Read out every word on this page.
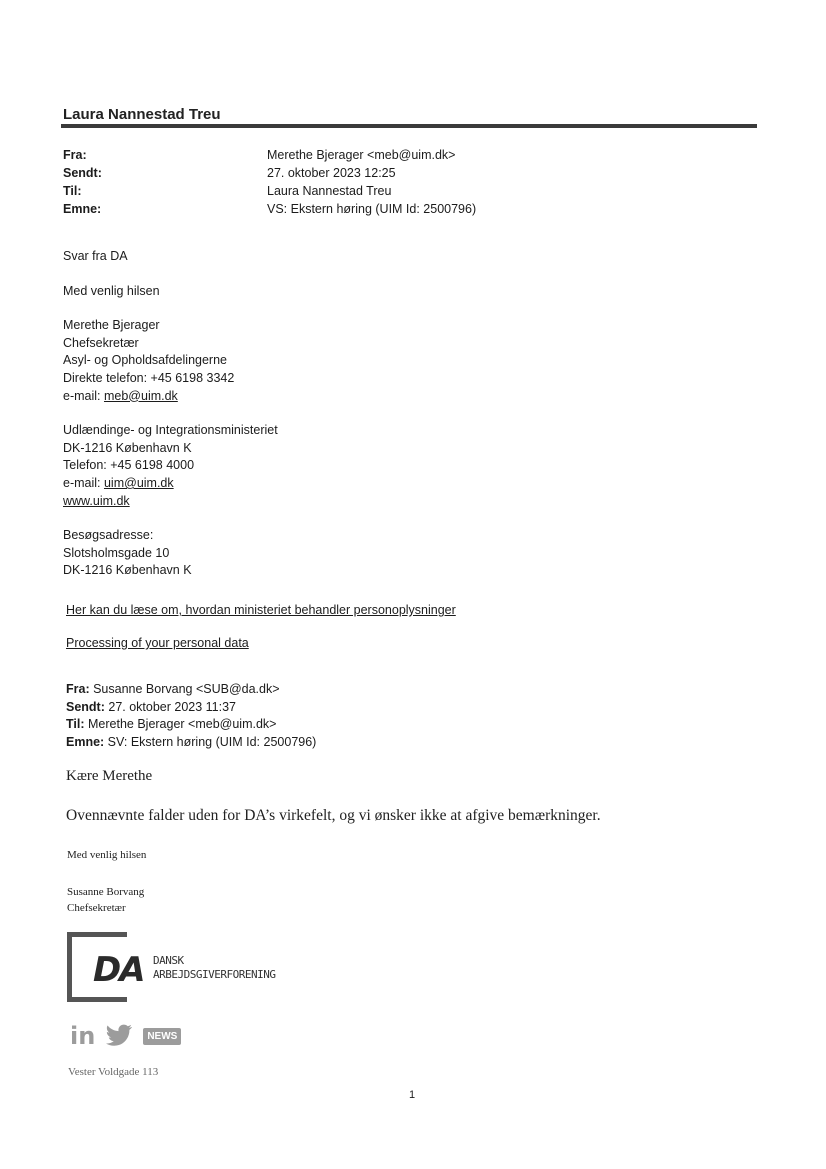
Laura Nannestad Treu
Fra:	Merethe Bjerager <meb@uim.dk>
Sendt:	27. oktober 2023 12:25
Til:	Laura Nannestad Treu
Emne:	VS: Ekstern høring (UIM Id: 2500796)

Svar fra DA

Med venlig hilsen

Merethe Bjerager
Chefsekretær
Asyl- og Opholdsafdelingerne
Direkte telefon: +45 6198 3342
e-mail: meb@uim.dk

Udlændinge- og Integrationsministeriet
DK-1216 København K
Telefon: +45 6198 4000
e-mail: uim@uim.dk
www.uim.dk

Besøgsadresse:
Slotsholmsgade 10
DK-1216 København K

Her kan du læse om, hvordan ministeriet behandler personoplysninger
Processing of your personal data
Fra: Susanne Borvang <SUB@da.dk>
Sendt: 27. oktober 2023 11:37
Til: Merethe Bjerager <meb@uim.dk>
Emne: SV: Ekstern høring (UIM Id: 2500796)
Kære Merethe
Ovennævnte falder uden for DA’s virkefelt, og vi ønsker ikke at afgive bemærkninger.
Med venlig hilsen
Susanne Borvang
Chefsekretær
DA DANSK
ARBEJDSGIVERFORENING
in	NEWS
Vester Voldgade 113
1
